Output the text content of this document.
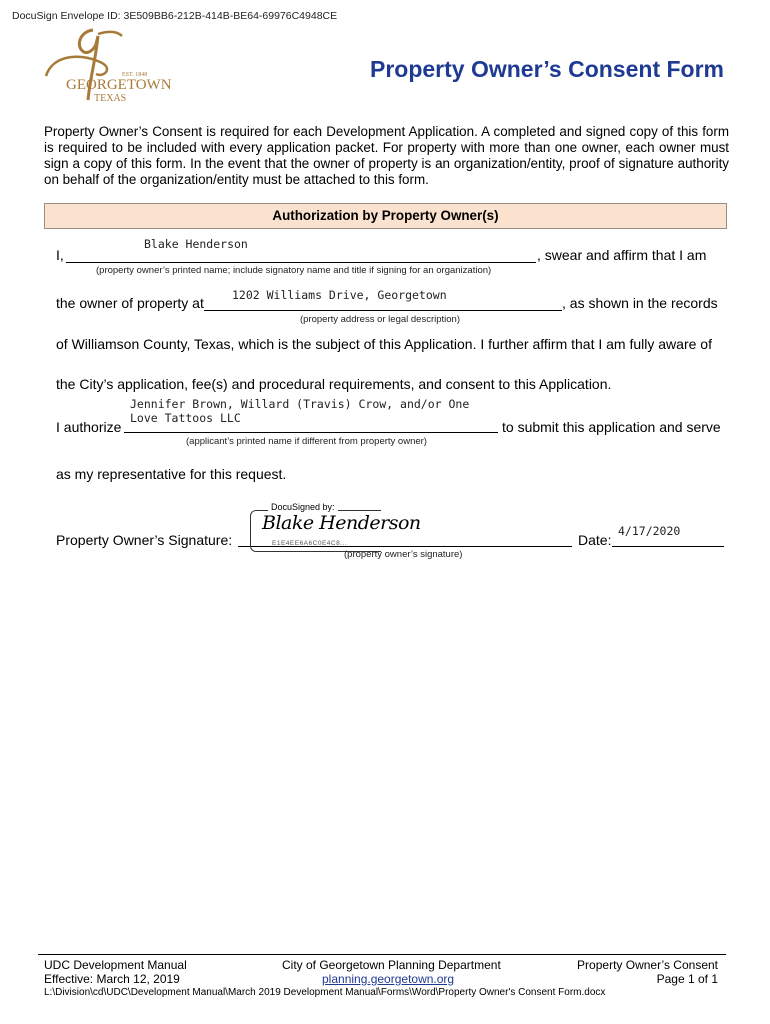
DocuSign Envelope ID: 3E509BB6-212B-414B-BE64-69976C4948CE
EST. 1848
GEORGETOWN
TEXAS
Property Owner’s Consent Form
Property Owner’s Consent is required for each Development Application. A completed and signed copy of this form is required to be included with every application packet. For property with more than one owner, each owner must sign a copy of this form. In the event that the owner of property is an organization/entity, proof of signature authority on behalf of the organization/entity must be attached to this form.
Authorization by Property Owner(s)
I,
Blake Henderson
, swear and affirm that I am
(property owner’s printed name; include signatory name and title if signing for an organization)
the owner of property at 1202 Williams Drive, Georgetown	, as shown in the records
(property address or legal description)
of Williamson County, Texas, which is the subject of this Application. I further affirm that I am fully aware of
the City’s application, fee(s) and procedural requirements, and consent to this Application.
I authorize
Jennifer Brown, Willard (Travis) Crow, and/or One
Love Tattoos LLC
to submit this application and serve
(applicant’s printed name if different from property owner)
as my representative for this request.
Property Owner’s Signature:
DocuSigned by:
Blake Henderson
E1E4EE6A6C0E4C8...
(property owner’s signature)
Date:
4/17/2020
UDC Development Manual
Effective: March 12, 2019
City of Georgetown Planning Department
planning.georgetown.org
Property Owner’s Consent
Page 1 of 1
L:\Division\cd\UDC\Development Manual\March 2019 Development Manual\Forms\Word\Property Owner's Consent Form.docx
